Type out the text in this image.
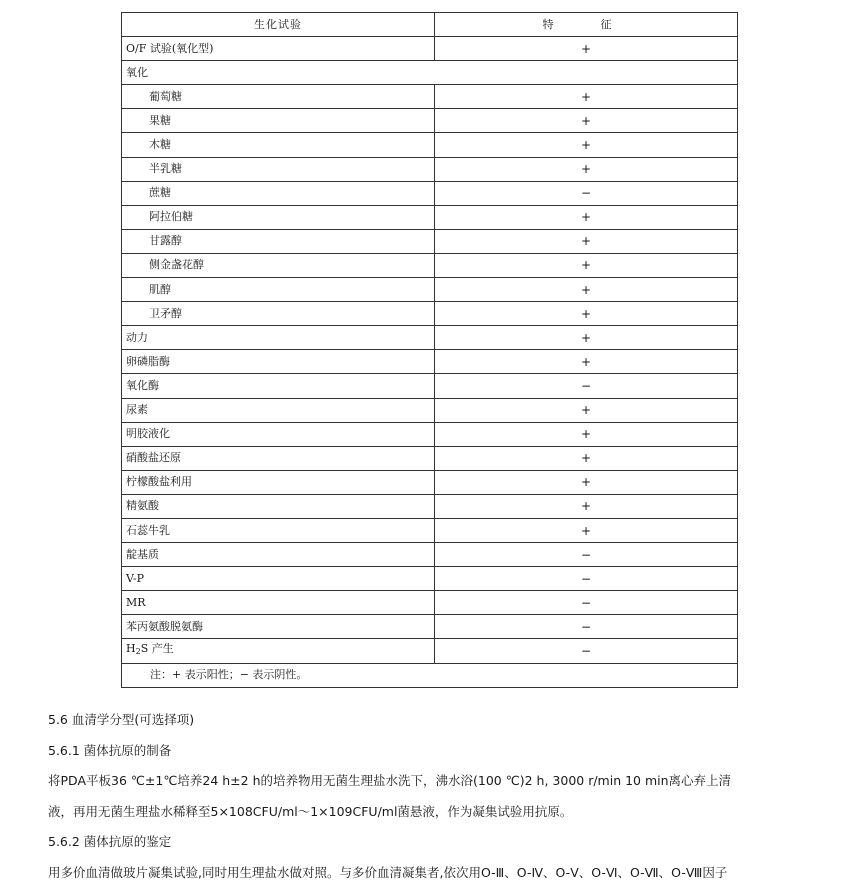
生化试验	特　征
O/F 试验(氧化型)	+
氧化	
葡萄糖	+
果糖	+
木糖	+
半乳糖	+
蔗糖	−
阿拉伯糖	+
甘露醇	+
侧金盏花醇	+
肌醇	+
卫矛醇	+
动力	+
卵磷脂酶	+
氧化酶	−
尿素	+
明胶液化	+
硝酸盐还原	+
柠檬酸盐利用	+
精氨酸	+
石蕊牛乳	+
靛基质	−
V-P	−
MR	−
苯丙氨酸脱氨酶	−
$H_2S$ 产生	−
注：+ 表示阳性；− 表示阴性。	

5.6 血清学分型(可选择项)

5.6.1 菌体抗原的制备

将PDA平板36 ℃±1℃培养24 h±2 h的培养物用无菌生理盐水洗下，沸水浴(100 ℃)2 h, 3000 r/min 10 min离心弃上清

液，再用无菌生理盐水稀释至5×108CFU/ml～1×109CFU/ml菌悬液，作为凝集试验用抗原。

5.6.2 菌体抗原的鉴定

用多价血清做玻片凝集试验,同时用生理盐水做对照。与多价血清凝集者,依次用O-Ⅲ、O-Ⅳ、O-Ⅴ、O-Ⅵ、O-Ⅶ、O-Ⅷ因子
